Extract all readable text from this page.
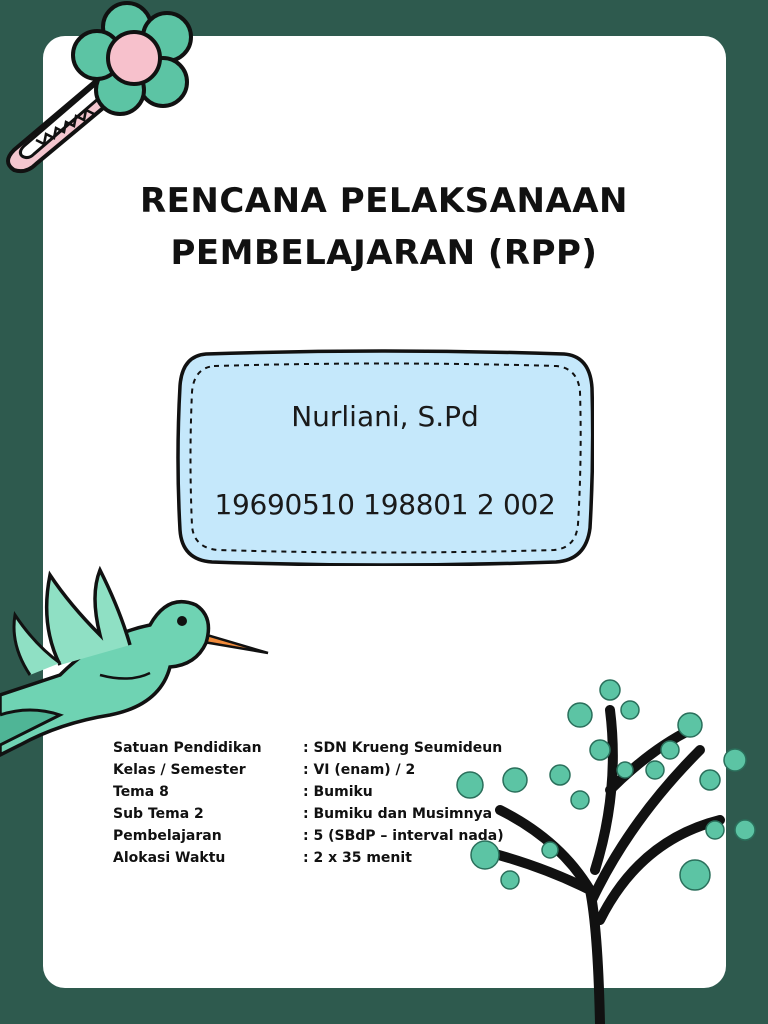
RENCANA PELAKSANAAN
PEMBELAJARAN (RPP)
Nurliani, S.Pd
19690510 198801 2 002
Satuan Pendidikan	: SDN Krueng Seumideun
Kelas / Semester	: VI (enam) / 2
Tema 8	: Bumiku
Sub Tema 2	: Bumiku dan Musimnya
Pembelajaran	: 5 (SBdP – interval nada)
Alokasi Waktu	: 2 x 35 menit
